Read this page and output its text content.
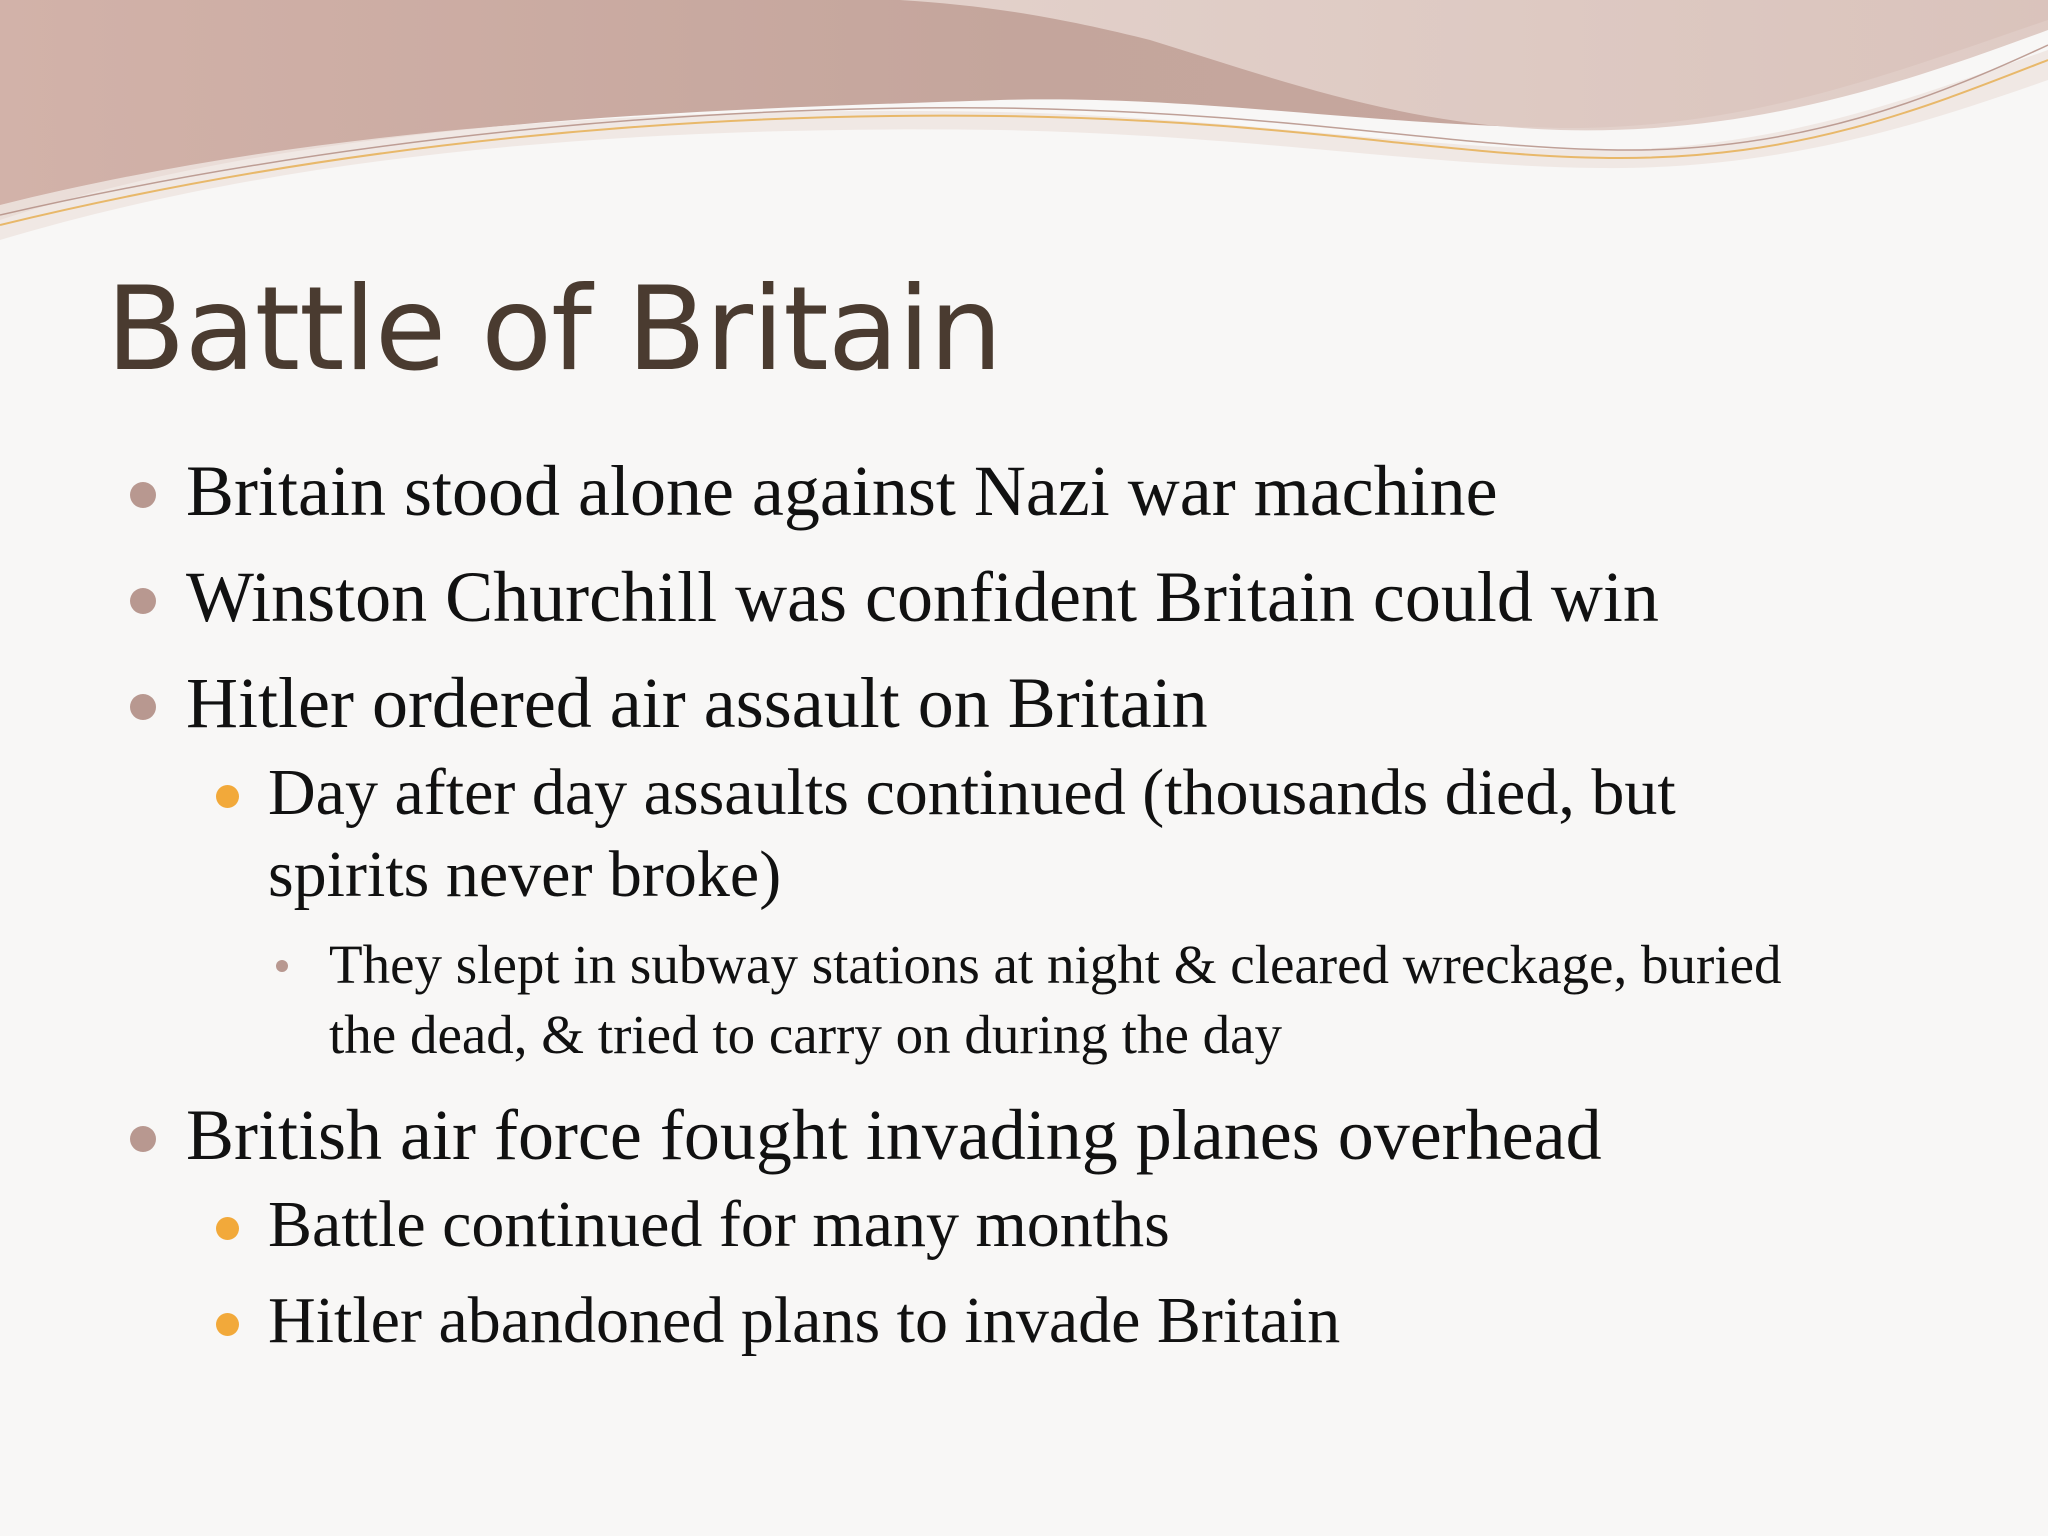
Battle of Britain
Britain stood alone against Nazi war machine
Winston Churchill was confident Britain could win
Hitler ordered air assault on Britain
Day after day assaults continued (thousands died, but spirits never broke)
They slept in subway stations at night & cleared wreckage, buried the dead, & tried to carry on during the day
British air force fought invading planes overhead
Battle continued for many months
Hitler abandoned plans to invade Britain
